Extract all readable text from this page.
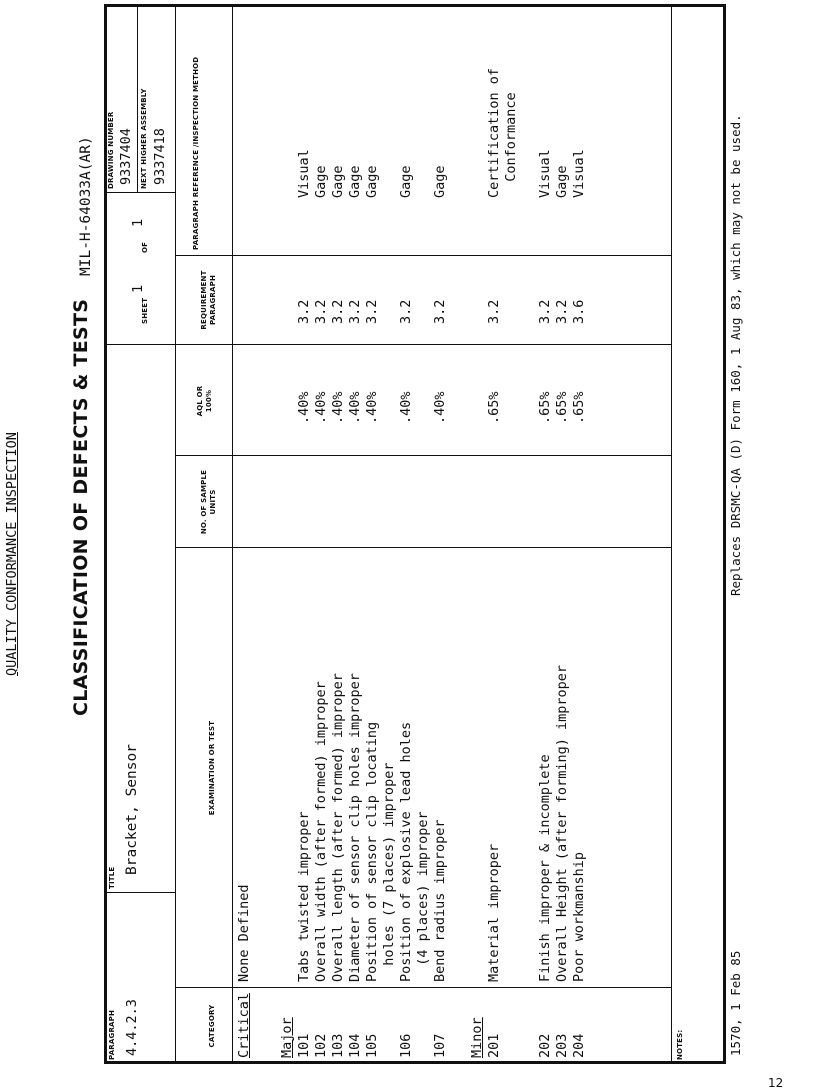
QUALITY CONFORMANCE INSPECTION	CLASSIFICATION OF DEFECTS & TESTS
MIL-H-64033A(AR)
PARAGRAPH 4.4.2.3
TITLE
Bracket, Sensor
SHEET
1
OF
1
DRAWING NUMBER 9337404 NEXT HIGHER ASSEMBLY 9337418
CATEGORY
EXAMINATION OR TEST
NO. OF SAMPLE UNITS
AQL OR 100%
REQUIREMENT PARAGRAPH
PARAGRAPH REFERENCE /INSPECTION METHOD
NOTES:
Critical
None Defined
Major 101
Tabs twisted improper
.40%
3.2
Visual
102
Overall width (after formed) improper
.40%
3.2
Gage
103
Overall length (after formed) improper
.40%
3.2
Gage
104
Diameter of sensor clip holes improper
.40%
3.2
Gage
105
Position of sensor clip locating
holes (7 places) improper
.40%
3.2
Gage
106
Position of explosive lead holes
(4 places) improper
.40%
3.2
Gage
107
Bend radius improper
.40%
3.2
Gage
Minor 201
Material improper
.65%
3.2
Certification of
Conformance
202
Finish improper & incomplete
.65%
3.2
Visual
203
Overall Height (after forming) improper
.65%
3.2
Gage
204
Poor workmanship
.65%
3.6
Visual
1570, 1 Feb 85
Replaces DRSMC-QA (D) Form 160, 1 Aug 83, which may not be used.
12
